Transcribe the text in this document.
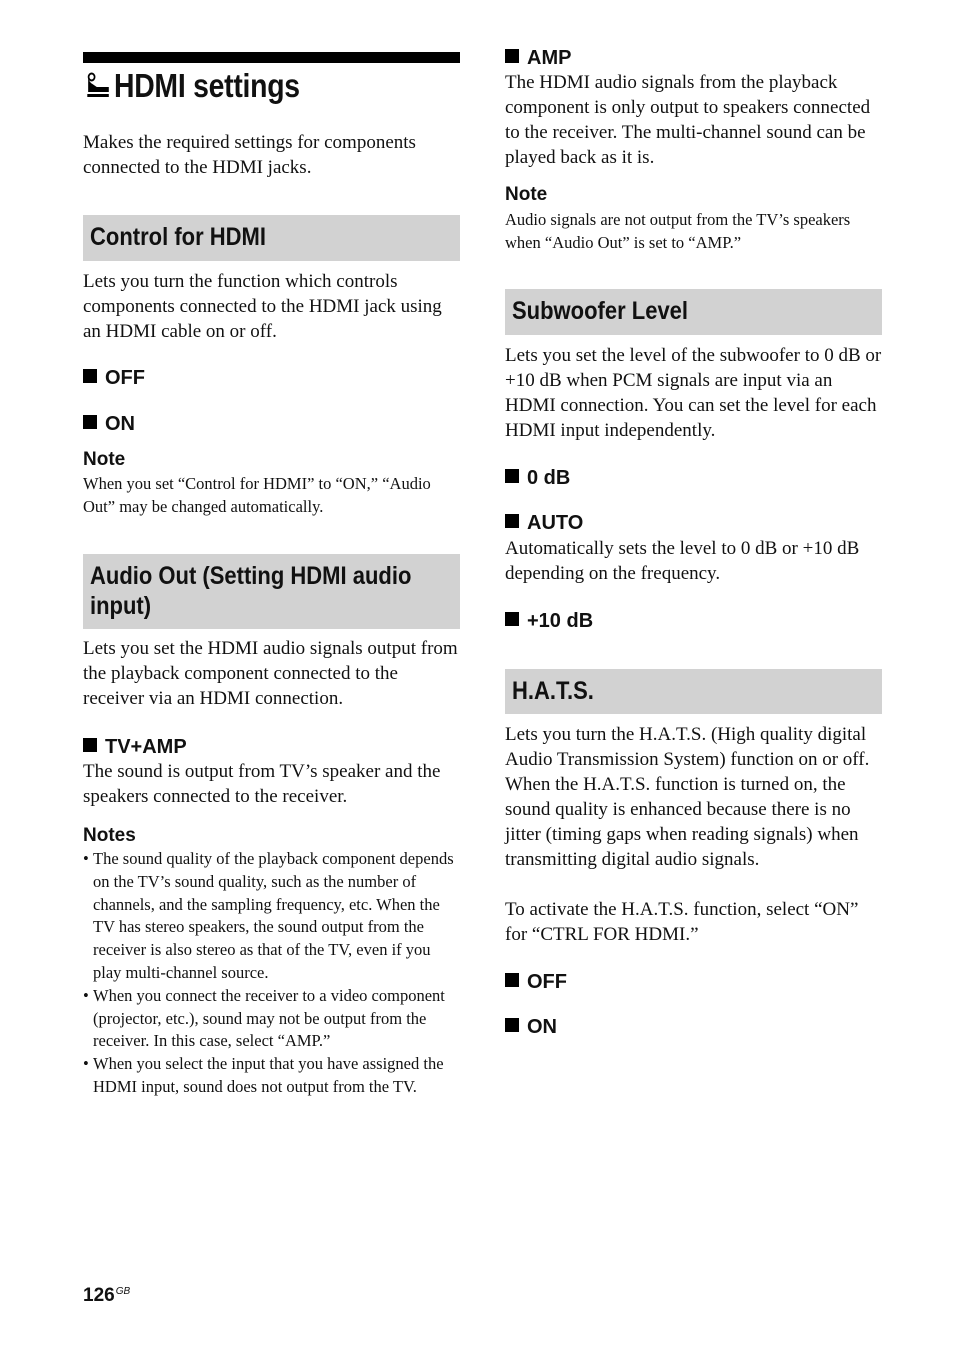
HDMI settings

Makes the required settings for components connected to the HDMI jacks.

Control for HDMI

Lets you turn the function which controls components connected to the HDMI jack using an HDMI cable on or off.

OFF

ON

Note

When you set “Control for HDMI” to “ON,” “Audio Out” may be changed automatically.

Audio Out (Setting HDMI audio input)

Lets you set the HDMI audio signals output from the playback component connected to the receiver via an HDMI connection.

TV+AMP

The sound is output from TV’s speaker and the speakers connected to the receiver.

Notes

• The sound quality of the playback component depends on the TV’s sound quality, such as the number of channels, and the sampling frequency, etc. When the TV has stereo speakers, the sound output from the receiver is also stereo as that of the TV, even if you play multi-channel source.
• When you connect the receiver to a video component (projector, etc.), sound may not be output from the receiver. In this case, select “AMP.”
• When you select the input that you have assigned the HDMI input, sound does not output from the TV.
$126^{GB}$

AMP

The HDMI audio signals from the playback component is only output to speakers connected to the receiver. The multi-channel sound can be played back as it is.

Note

Audio signals are not output from the TV’s speakers when “Audio Out” is set to “AMP.”

Subwoofer Level

Lets you set the level of the subwoofer to 0 dB or +10 dB when PCM signals are input via an HDMI connection. You can set the level for each HDMI input independently.

0 dB

AUTO

Automatically sets the level to 0 dB or +10 dB depending on the frequency.

+10 dB

H.A.T.S.

Lets you turn the H.A.T.S. (High quality digital Audio Transmission System) function on or off. When the H.A.T.S. function is turned on, the sound quality is enhanced because there is no jitter (timing gaps when reading signals) when transmitting digital audio signals.

To activate the H.A.T.S. function, select “ON” for “CTRL FOR HDMI.”

OFF

ON
